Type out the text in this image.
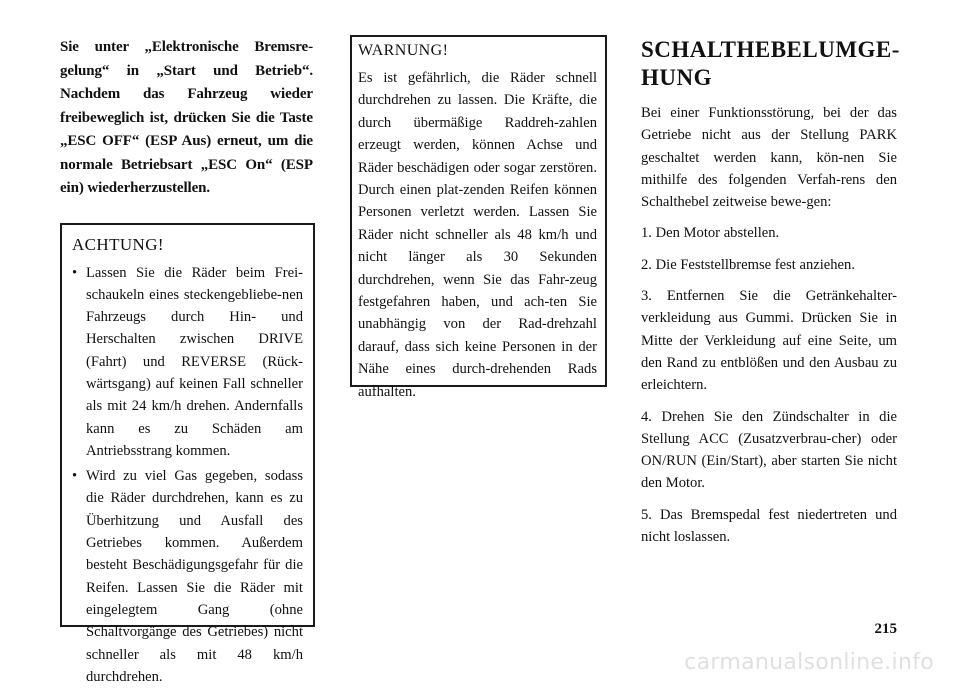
Sie unter „Elektronische Bremsre-gelung“ in „Start und Betrieb“. Nachdem das Fahrzeug wieder freibeweglich ist, drücken Sie die Taste „ESC OFF“ (ESP Aus) erneut, um die normale Betriebsart „ESC On“ (ESP ein) wiederherzustellen.

ACHTUNG!
• Lassen Sie die Räder beim Frei-schaukeln eines steckengebliebe-nen Fahrzeugs durch Hin- und Herschalten zwischen DRIVE (Fahrt) und REVERSE (Rück-wärtsgang) auf keinen Fall schneller als mit 24 km/h drehen. Andernfalls kann es zu Schäden am Antriebsstrang kommen.
• Wird zu viel Gas gegeben, sodass die Räder durchdrehen, kann es zu Überhitzung und Ausfall des Getriebes kommen. Außerdem besteht Beschädigungsgefahr für die Reifen. Lassen Sie die Räder mit eingelegtem Gang (ohne Schaltvorgänge des Getriebes) nicht schneller als mit 48 km/h durchdrehen.
WARNUNG!

Es ist gefährlich, die Räder schnell durchdrehen zu lassen. Die Kräfte, die durch übermäßige Raddreh-zahlen erzeugt werden, können Achse und Räder beschädigen oder sogar zerstören. Durch einen plat-zenden Reifen können Personen verletzt werden. Lassen Sie Räder nicht schneller als 48 km/h und nicht länger als 30 Sekunden durchdrehen, wenn Sie das Fahr-zeug festgefahren haben, und ach-ten Sie unabhängig von der Rad-drehzahl darauf, dass sich keine Personen in der Nähe eines durch-drehenden Rads aufhalten.

SCHALTHEBELUMGE-HUNG

Bei einer Funktionsstörung, bei der das Getriebe nicht aus der Stellung PARK geschaltet werden kann, kön-nen Sie mithilfe des folgenden Verfah-rens den Schalthebel zeitweise bewe-gen:

1. Den Motor abstellen.
2. Die Feststellbremse fest anziehen.
3. Entfernen Sie die Getränkehalter-verkleidung aus Gummi. Drücken Sie in Mitte der Verkleidung auf eine Seite, um den Rand zu entblößen und den Ausbau zu erleichtern.
4. Drehen Sie den Zündschalter in die Stellung ACC (Zusatzverbrau-cher) oder ON/RUN (Ein/Start), aber starten Sie nicht den Motor.
5. Das Bremspedal fest niedertreten und nicht loslassen.
215
carmanualsonline.info
